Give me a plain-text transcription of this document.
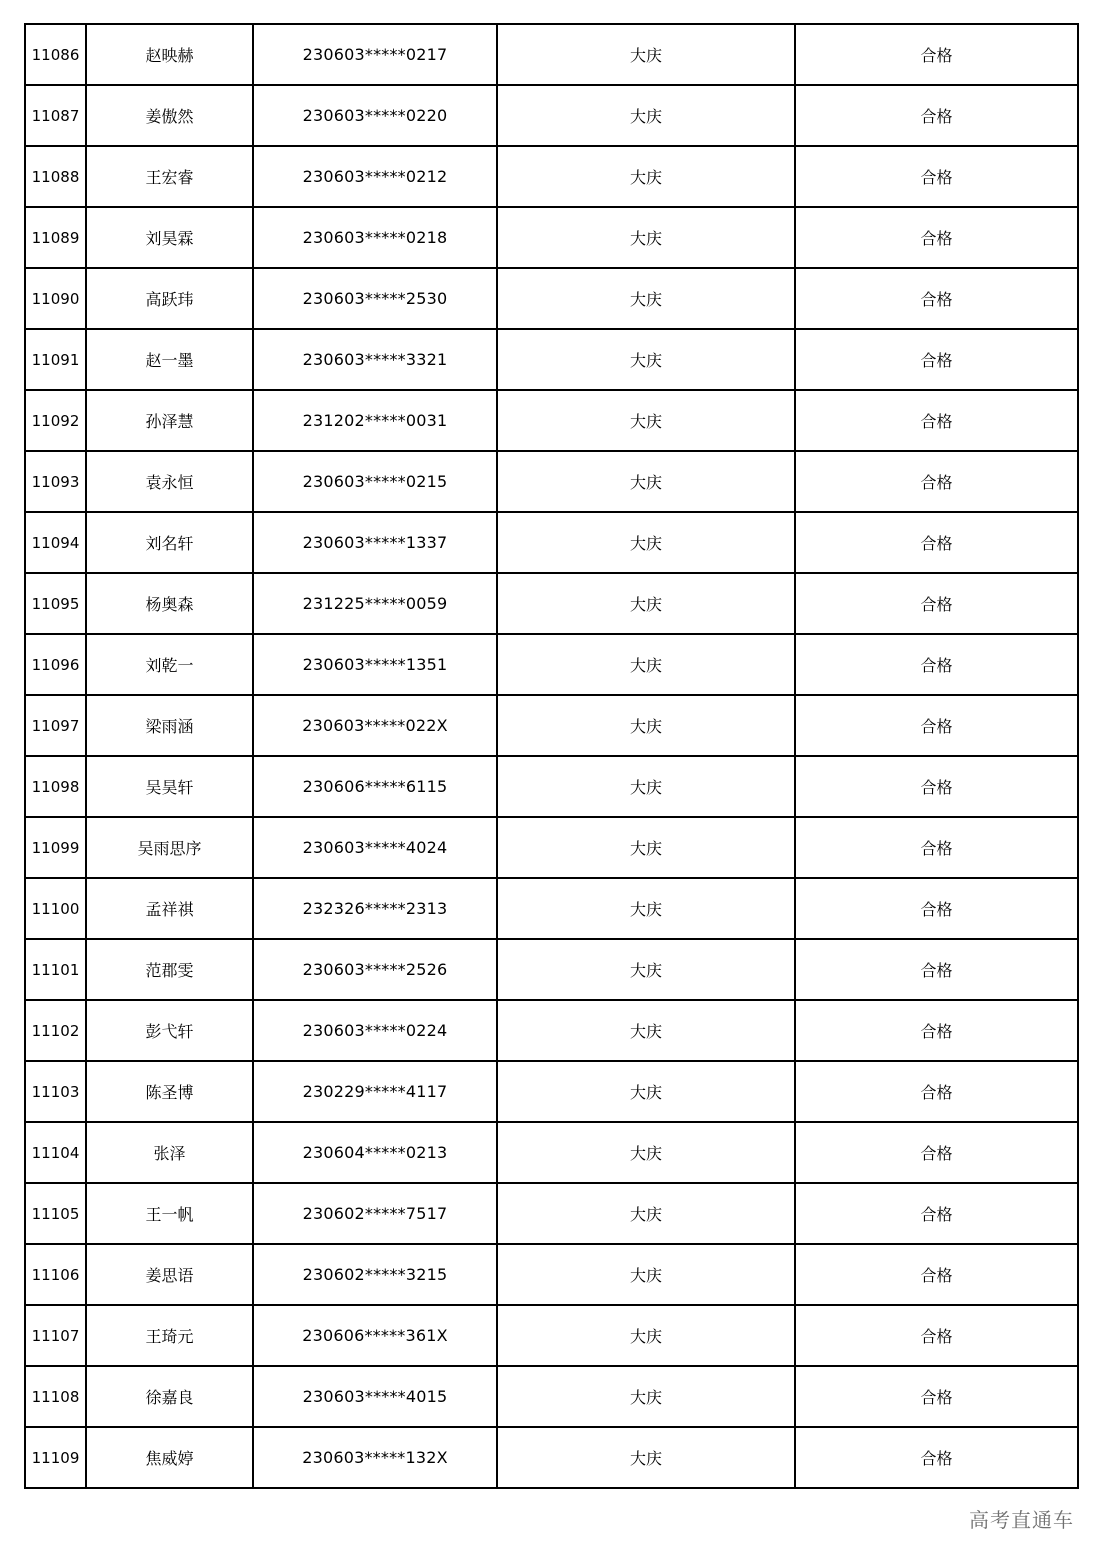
11086	赵映赫	230603*****0217	大庆	合格
11087	姜傲然	230603*****0220	大庆	合格
11088	王宏睿	230603*****0212	大庆	合格
11089	刘昊霖	230603*****0218	大庆	合格
11090	高跃玮	230603*****2530	大庆	合格
11091	赵一墨	230603*****3321	大庆	合格
11092	孙泽慧	231202*****0031	大庆	合格
11093	袁永恒	230603*****0215	大庆	合格
11094	刘名轩	230603*****1337	大庆	合格
11095	杨奥森	231225*****0059	大庆	合格
11096	刘乾一	230603*****1351	大庆	合格
11097	梁雨涵	230603*****022X	大庆	合格
11098	吴昊轩	230606*****6115	大庆	合格
11099	吴雨思序	230603*****4024	大庆	合格
11100	孟祥祺	232326*****2313	大庆	合格
11101	范郡雯	230603*****2526	大庆	合格
11102	彭弋轩	230603*****0224	大庆	合格
11103	陈圣博	230229*****4117	大庆	合格
11104	张泽	230604*****0213	大庆	合格
11105	王一帆	230602*****7517	大庆	合格
11106	姜思语	230602*****3215	大庆	合格
11107	王琦元	230606*****361X	大庆	合格
11108	徐嘉良	230603*****4015	大庆	合格
11109	焦威婷	230603*****132X	大庆	合格
高考直通车
